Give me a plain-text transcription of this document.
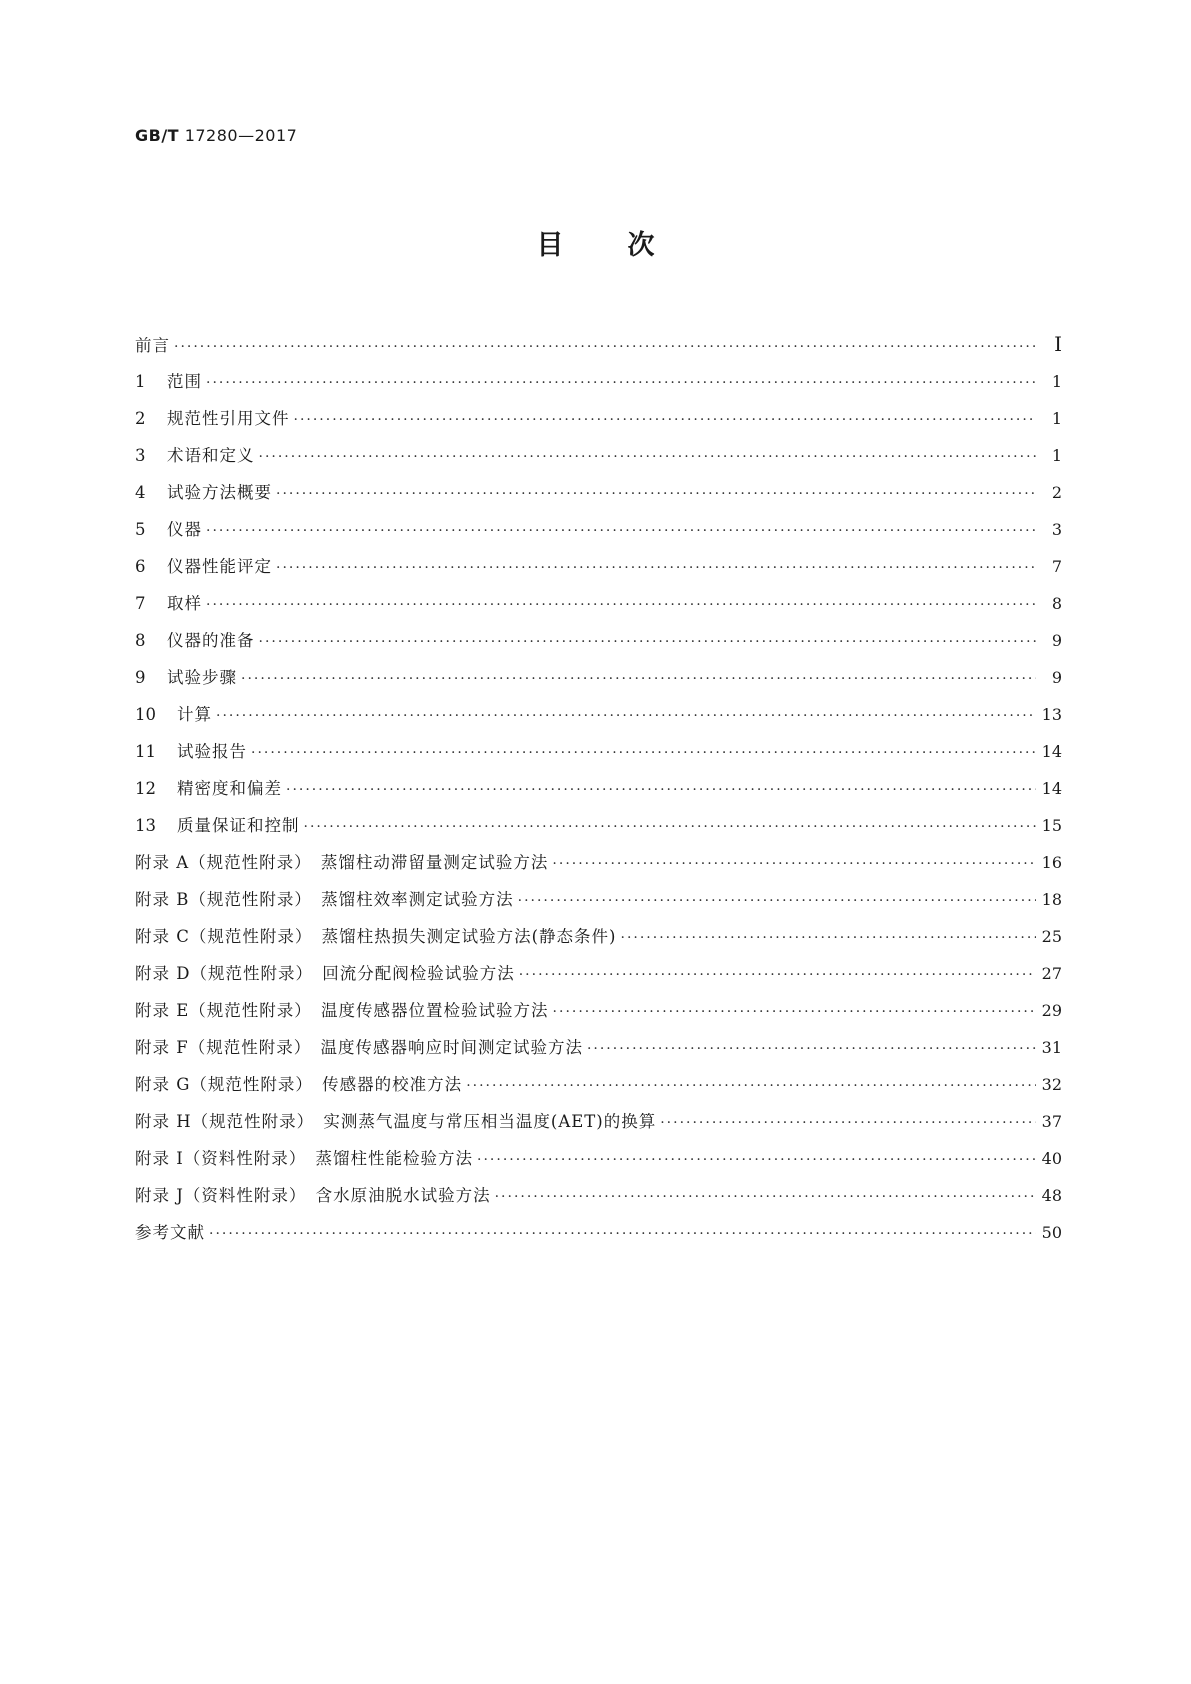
GB/T 17280—2017
目次
前言 ·····	Ⅰ
1	范围 ·····	1
2	规范性引用文件 ·····	1
3	术语和定义 ·····	1
4	试验方法概要 ·····	2
5	仪器 ·····	3
6	仪器性能评定 ·····	7
7	取样 ·····	8
8	仪器的准备 ·····	9
9	试验步骤 ·····	9
10	计算 ·····	13
11	试验报告 ·····	14
12	精密度和偏差 ·····	14
13	质量保证和控制 ·····	15
附录 A（规范性附录）　蒸馏柱动滞留量测定试验方法 ·····	16
附录 B（规范性附录）　蒸馏柱效率测定试验方法 ·····	18
附录 C（规范性附录）　蒸馏柱热损失测定试验方法(静态条件) ·····	25
附录 D（规范性附录）　回流分配阀检验试验方法 ·····	27
附录 E（规范性附录）　温度传感器位置检验试验方法 ·····	29
附录 F（规范性附录）　温度传感器响应时间测定试验方法 ·····	31
附录 G（规范性附录）　传感器的校准方法 ·····	32
附录 H（规范性附录）　实测蒸气温度与常压相当温度(AET)的换算 ·····	37
附录 I（资料性附录）　蒸馏柱性能检验方法 ·····	40
附录 J（资料性附录）　含水原油脱水试验方法 ·····	48
参考文献 ·····	50
